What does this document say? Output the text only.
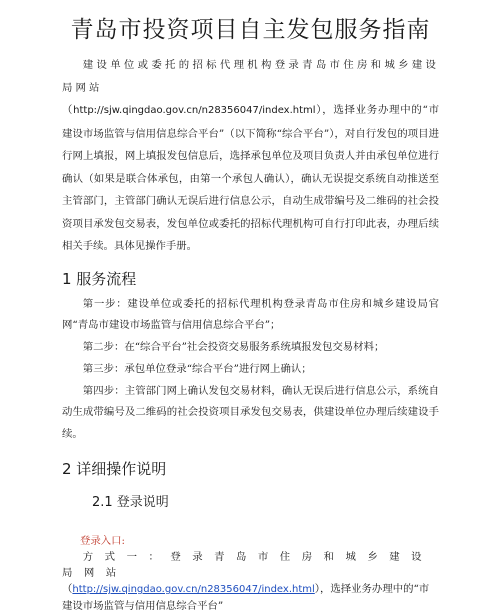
青岛市投资项目自主发包服务指南
建设单位或委托的招标代理机构登录青岛市住房和城乡建设局网站
（http://sjw.qingdao.gov.cn/n28356047/index.html），选择业务办理中的“市建设市场监管与信用信息综合平台”（以下简称“综合平台”），对自行发包的项目进行网上填报，网上填报发包信息后，选择承包单位及项目负责人并由承包单位进行确认（如果是联合体承包，由第一个承包人确认），确认无误提交系统自动推送至主管部门，主管部门确认无误后进行信息公示，自动生成带编号及二维码的社会投资项目承发包交易表，发包单位或委托的招标代理机构可自行打印此表，办理后续相关手续。具体见操作手册。
1 服务流程

第一步：建设单位或委托的招标代理机构登录青岛市住房和城乡建设局官网“青岛市建设市场监管与信用信息综合平台”；

第二步：在“综合平台”社会投资交易服务系统填报发包交易材料；

第三步：承包单位登录“综合平台”进行网上确认；

第四步：主管部门网上确认发包交易材料，确认无误后进行信息公示，系统自动生成带编号及二维码的社会投资项目承发包交易表，供建设单位办理后续建设手续。

2 详细操作说明
2.1 登录说明
登录入口:
方式一：登录青岛市住房和城乡建设局网站
（http://sjw.qingdao.gov.cn/n28356047/index.html），选择业务办理中的“市建设市场监管与信用信息综合平台”
